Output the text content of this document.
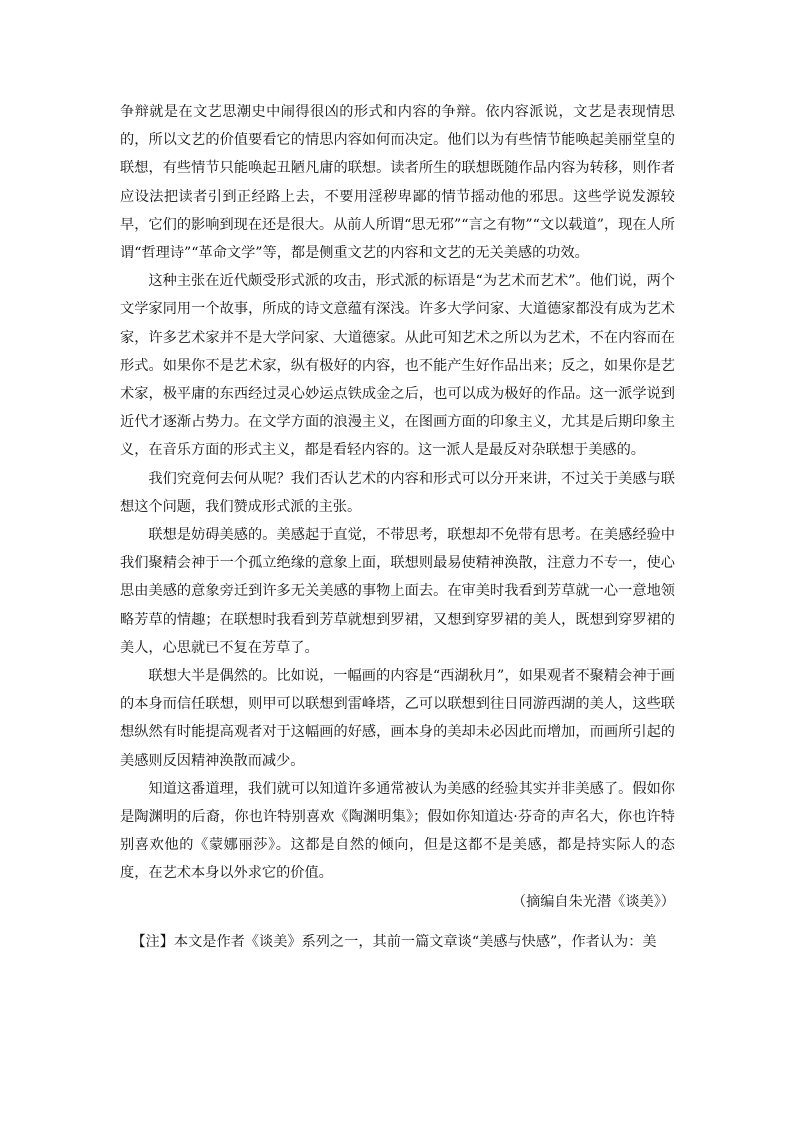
争辩就是在文艺思潮史中闹得很凶的形式和内容的争辩。依内容派说，文艺是表现情思的，所以文艺的价值要看它的情思内容如何而决定。他们以为有些情节能唤起美丽堂皇的联想，有些情节只能唤起丑陋凡庸的联想。读者所生的联想既随作品内容为转移，则作者应设法把读者引到正经路上去，不要用淫秽卑鄙的情节摇动他的邪思。这些学说发源较早，它们的影响到现在还是很大。从前人所谓“思无邪”“言之有物”“文以载道”，现在人所谓“哲理诗”“革命文学”等，都是侧重文艺的内容和文艺的无关美感的功效。

这种主张在近代颇受形式派的攻击，形式派的标语是“为艺术而艺术”。他们说，两个文学家同用一个故事，所成的诗文意蕴有深浅。许多大学问家、大道德家都没有成为艺术家，许多艺术家并不是大学问家、大道德家。从此可知艺术之所以为艺术，不在内容而在形式。如果你不是艺术家，纵有极好的内容，也不能产生好作品出来；反之，如果你是艺术家，极平庸的东西经过灵心妙运点铁成金之后，也可以成为极好的作品。这一派学说到近代才逐渐占势力。在文学方面的浪漫主义，在图画方面的印象主义，尤其是后期印象主义，在音乐方面的形式主义，都是看轻内容的。这一派人是最反对杂联想于美感的。

我们究竟何去何从呢？我们否认艺术的内容和形式可以分开来讲，不过关于美感与联想这个问题，我们赞成形式派的主张。

联想是妨碍美感的。美感起于直觉，不带思考，联想却不免带有思考。在美感经验中我们聚精会神于一个孤立绝缘的意象上面，联想则最易使精神涣散，注意力不专一，使心思由美感的意象旁迁到许多无关美感的事物上面去。在审美时我看到芳草就一心一意地领略芳草的情趣；在联想时我看到芳草就想到罗裙，又想到穿罗裙的美人，既想到穿罗裙的美人，心思就已不复在芳草了。

联想大半是偶然的。比如说，一幅画的内容是“西湖秋月”，如果观者不聚精会神于画的本身而信任联想，则甲可以联想到雷峰塔，乙可以联想到往日同游西湖的美人，这些联想纵然有时能提高观者对于这幅画的好感，画本身的美却未必因此而增加，而画所引起的美感则反因精神涣散而减少。

知道这番道理，我们就可以知道许多通常被认为美感的经验其实并非美感了。假如你是陶渊明的后裔，你也许特别喜欢《陶渊明集》；假如你知道达·芬奇的声名大，你也许特别喜欢他的《蒙娜丽莎》。这都是自然的倾向，但是这都不是美感，都是持实际人的态度，在艺术本身以外求它的价值。

（摘编自朱光潜《谈美》）

【注】本文是作者《谈美》系列之一，其前一篇文章谈“美感与快感”，作者认为：美
